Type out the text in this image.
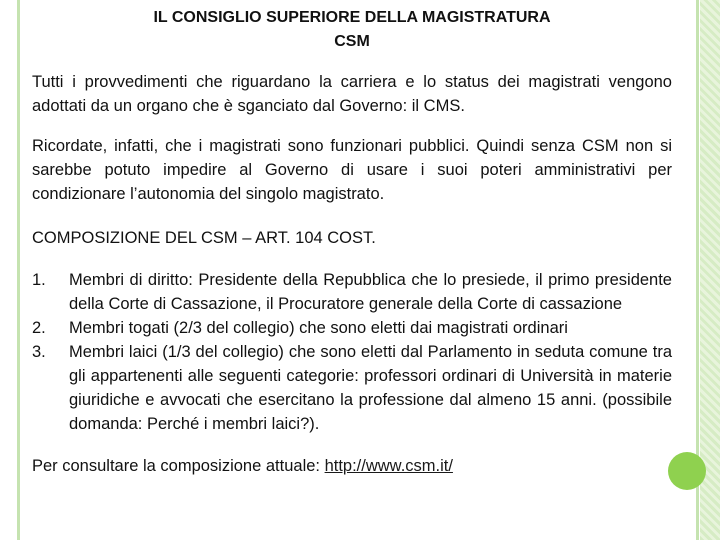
IL CONSIGLIO SUPERIORE DELLA MAGISTRATURA
CSM

Tutti i provvedimenti che riguardano la carriera e lo status dei magistrati vengono adottati da un organo che è sganciato dal Governo: il CMS.

Ricordate, infatti, che i magistrati sono funzionari pubblici. Quindi senza CSM non si sarebbe potuto impedire al Governo di usare i suoi poteri amministrativi per condizionare l’autonomia del singolo magistrato.

COMPOSIZIONE DEL CSM – ART. 104 COST.

1. Membri di diritto: Presidente della Repubblica che lo presiede, il primo presidente della Corte di Cassazione, il Procuratore generale della Corte di cassazione
2. Membri togati (2/3 del collegio) che sono eletti dai magistrati ordinari
3. Membri laici (1/3 del collegio) che sono eletti dal Parlamento in seduta comune tra gli appartenenti alle seguenti categorie: professori ordinari di Università in materie giuridiche e avvocati che esercitano la professione dal almeno 15 anni. (possibile domanda: Perché i membri laici?).

Per consultare la composizione attuale: http://www.csm.it/
